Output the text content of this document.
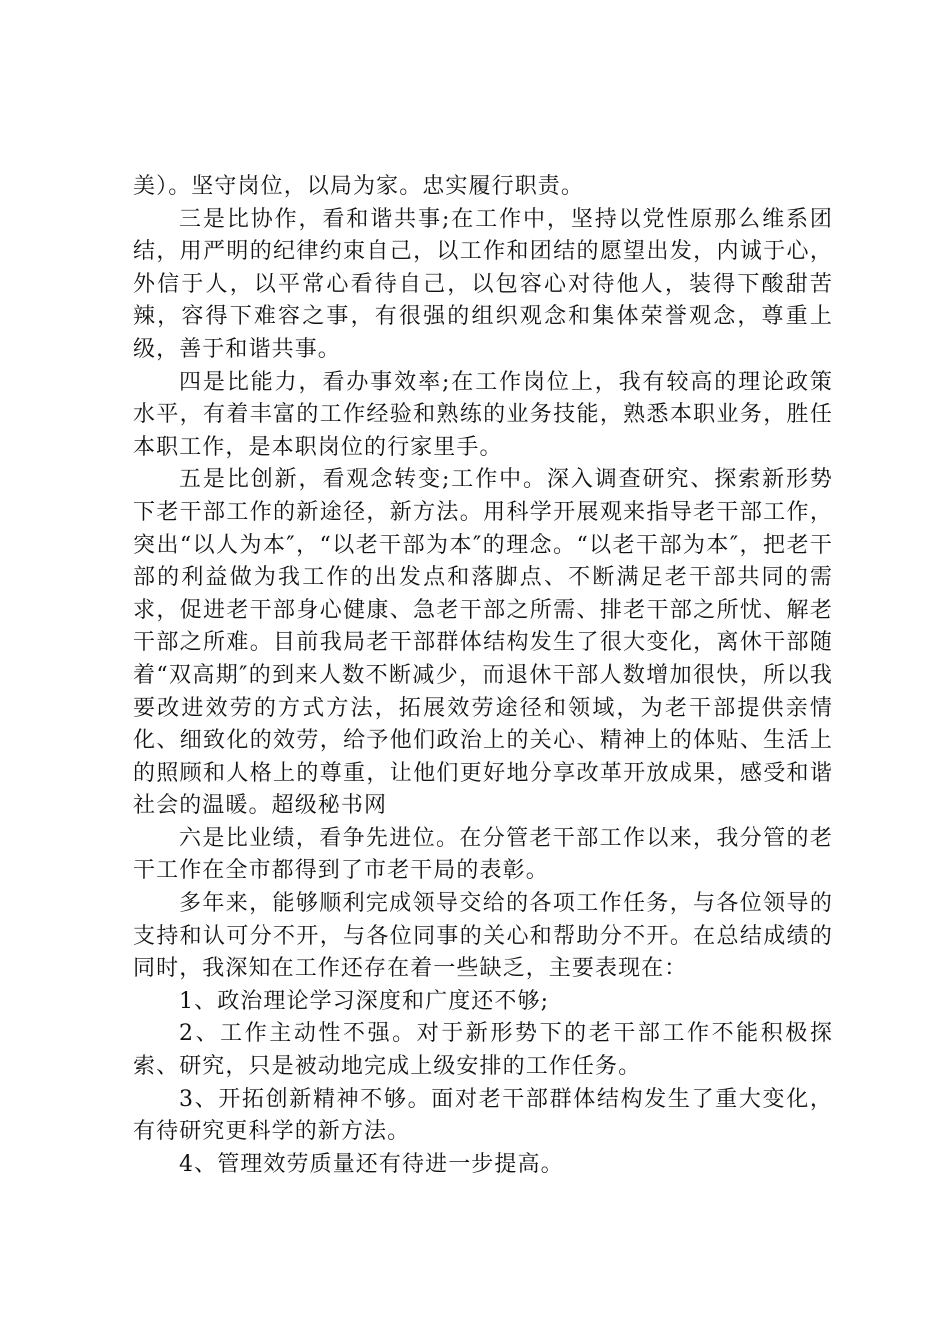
美）。坚守岗位，以局为家。忠实履行职责。

三是比协作，看和谐共事;在工作中，坚持以党性原那么维系团结，用严明的纪律约束自己，以工作和团结的愿望出发，内诚于心，外信于人，以平常心看待自己，以包容心对待他人，装得下酸甜苦辣，容得下难容之事，有很强的组织观念和集体荣誉观念，尊重上级，善于和谐共事。

四是比能力，看办事效率;在工作岗位上，我有较高的理论政策水平，有着丰富的工作经验和熟练的业务技能，熟悉本职业务，胜任本职工作，是本职岗位的行家里手。

五是比创新，看观念转变;工作中。深入调查研究、探索新形势下老干部工作的新途径，新方法。用科学开展观来指导老干部工作，突出“以人为本″，“以老干部为本″的理念。“以老干部为本″，把老干部的利益做为我工作的出发点和落脚点、不断满足老干部共同的需求，促进老干部身心健康、急老干部之所需、排老干部之所忧、解老干部之所难。目前我局老干部群体结构发生了很大变化，离休干部随着“双高期″的到来人数不断减少，而退休干部人数增加很快，所以我要改进效劳的方式方法，拓展效劳途径和领域，为老干部提供亲情化、细致化的效劳，给予他们政治上的关心、精神上的体贴、生活上的照顾和人格上的尊重，让他们更好地分享改革开放成果，感受和谐社会的温暖。超级秘书网

六是比业绩，看争先进位。在分管老干部工作以来，我分管的老干工作在全市都得到了市老干局的表彰。

多年来，能够顺利完成领导交给的各项工作任务，与各位领导的支持和认可分不开，与各位同事的关心和帮助分不开。在总结成绩的同时，我深知在工作还存在着一些缺乏，主要表现在：

1、政治理论学习深度和广度还不够;

2、工作主动性不强。对于新形势下的老干部工作不能积极探索、研究，只是被动地完成上级安排的工作任务。

3、开拓创新精神不够。面对老干部群体结构发生了重大变化，有待研究更科学的新方法。

4、管理效劳质量还有待进一步提高。
